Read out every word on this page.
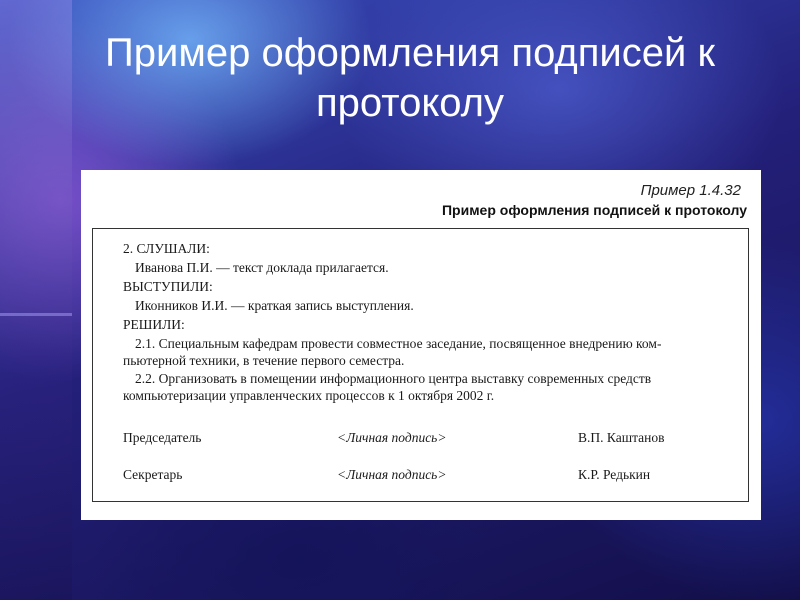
Пример оформления подписей к протоколу
Пример 1.4.32
Пример оформления подписей к протоколу
2. СЛУШАЛИ:
Иванова П.И. — текст доклада прилагается.
ВЫСТУПИЛИ:
Иконников И.И. — краткая запись выступления.
РЕШИЛИ:
2.1. Специальным кафедрам провести совместное заседание, посвященное внедрению ком-
пьютерной техники, в течение первого семестра.
2.2. Организовать в помещении информационного центра выставку современных средств
компьютеризации управленческих процессов к 1 октября 2002 г.
Председатель	<Личная подпись>	В.П. Каштанов
Секретарь	<Личная подпись>	К.Р. Редькин
